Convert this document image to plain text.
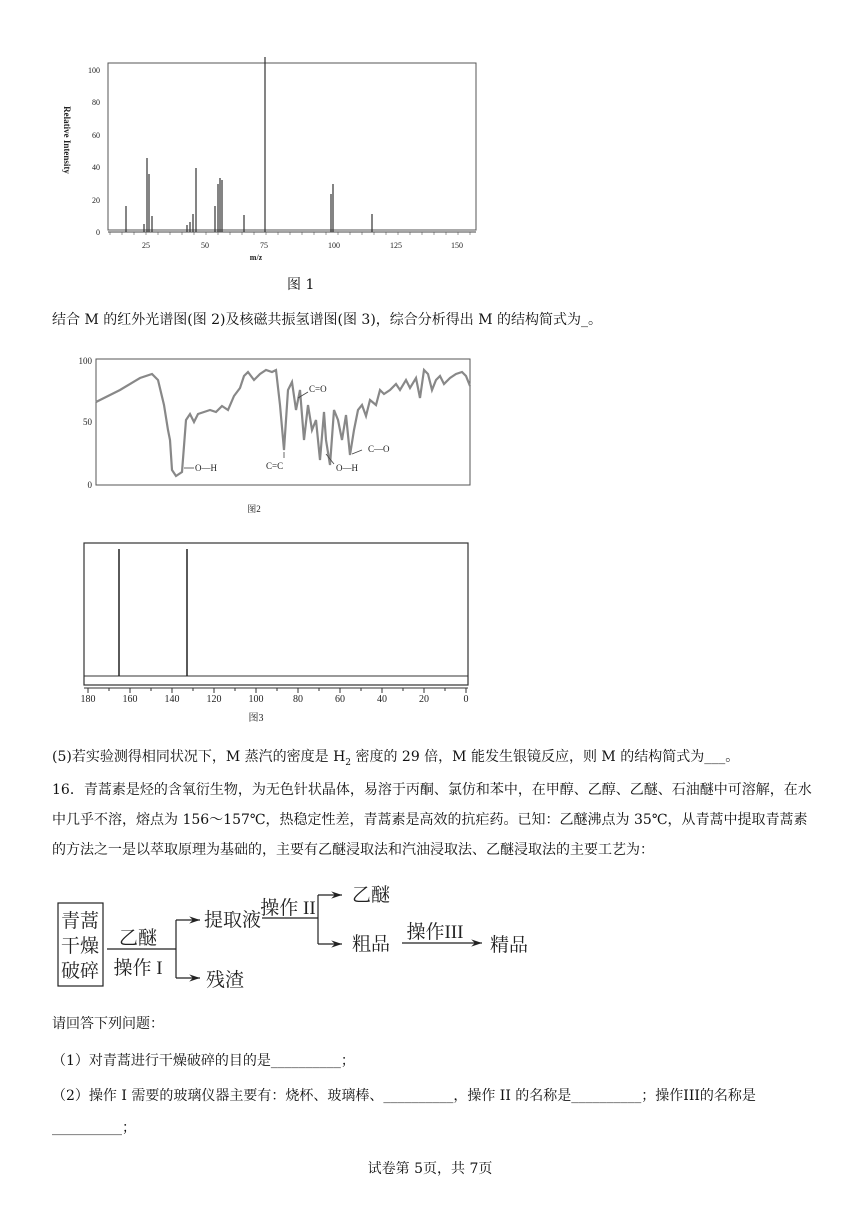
0
20
40
60
80
100
25	50	75	100	125	150
m/z
Relative Intensity
图 1
结合 M 的红外光谱图(图 2)及核磁共振氢谱图(图 3)，综合分析得出 M 的结构简式为_。
100
50
0
O—H
C=O
C=C	O—H
C—O
图2
180	160	140	120	100	80	60	40	20	0
图3
(5)若实验测得相同状况下，M 蒸汽的密度是 $H_2$ 密度的 29 倍，M 能发生银镜反应，则 M 的结构简式为___。
16．青蒿素是烃的含氧衍生物，为无色针状晶体，易溶于丙酮、氯仿和苯中，在甲醇、乙醇、乙醚、石油醚中可溶解，在水中几乎不溶，熔点为 156～157℃，热稳定性差，青蒿素是高效的抗疟药。已知：乙醚沸点为 35℃，从青蒿中提取青蒿素的方法之一是以萃取原理为基础的，主要有乙醚浸取法和汽油浸取法、乙醚浸取法的主要工艺为：
青蒿
干燥
破碎
乙醚
操作 I
提取液
残渣
操作 II
乙醚
粗品
操作III
精品
请回答下列问题：
（1）对青蒿进行干燥破碎的目的是__________；
（2）操作 I 需要的玻璃仪器主要有：烧杯、玻璃棒、__________，操作 II 的名称是__________；操作III的名称是
__________；
试卷第 5页，共 7页
